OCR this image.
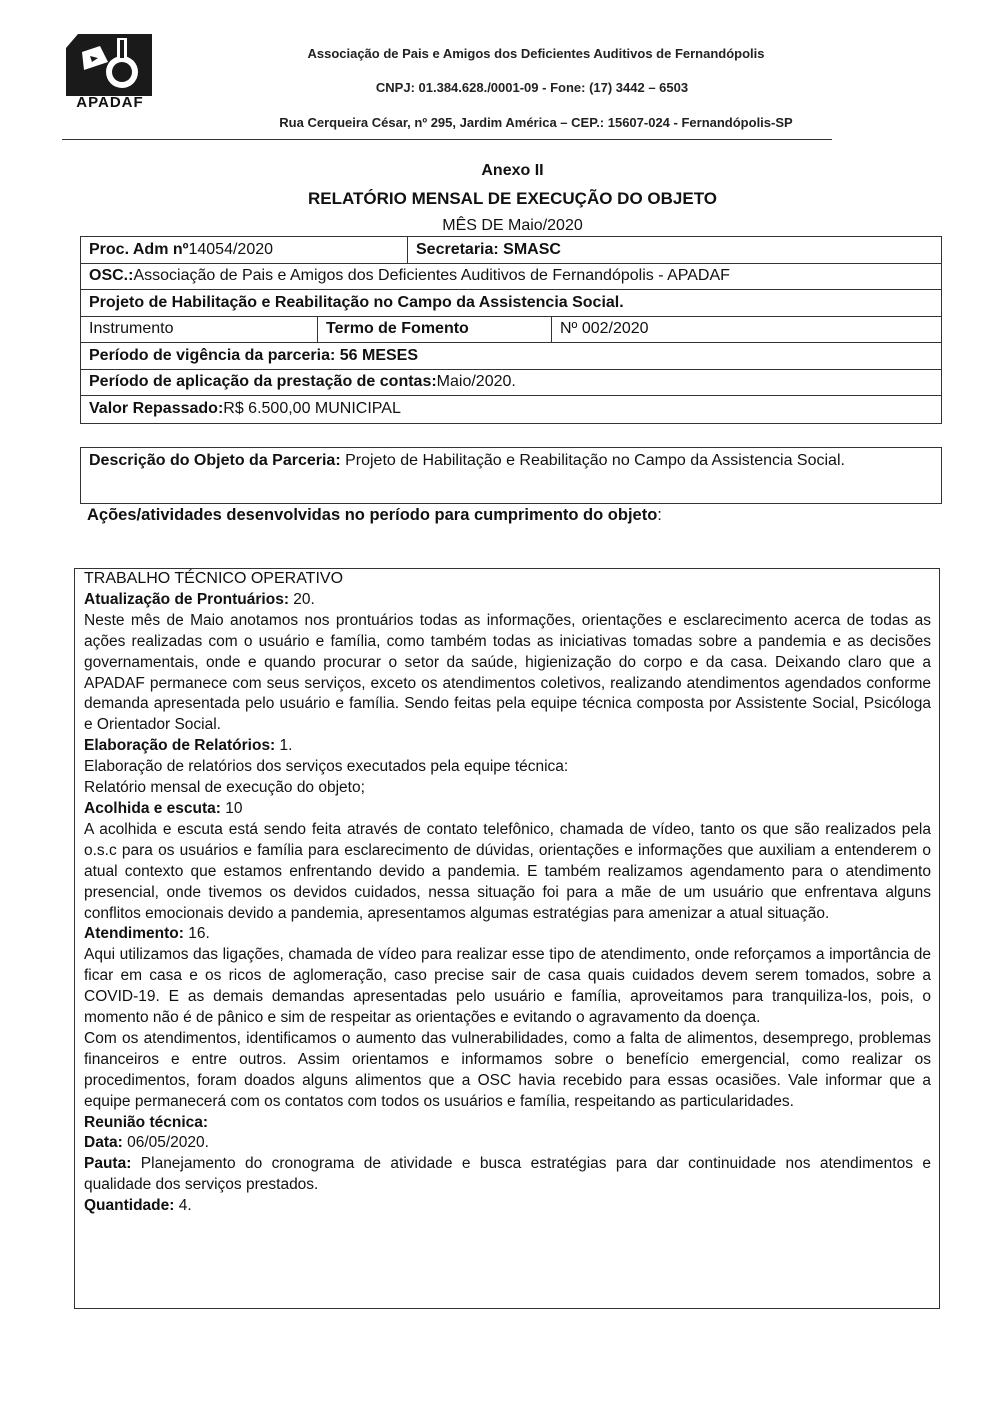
APADAF
Associação de Pais e Amigos dos Deficientes Auditivos de Fernandópolis
CNPJ: 01.384.628./0001-09 - Fone: (17) 3442 – 6503
Rua Cerqueira César, nº 295, Jardim América – CEP.: 15607-024 - Fernandópolis-SP
Anexo II
RELATÓRIO MENSAL DE EXECUÇÃO DO OBJETO
MÊS DE Maio/2020
Proc. Adm nº 14054/2020	Secretaria: SMASC
OSC.: Associação de Pais e Amigos dos Deficientes Auditivos de Fernandópolis - APADAF
Projeto de Habilitação e Reabilitação no Campo da Assistencia Social.
Instrumento	Termo de Fomento	Nº 002/2020
Período de vigência da parceria: 56 MESES
Período de aplicação da prestação de contas: Maio/2020.
Valor Repassado: R$ 6.500,00 MUNICIPAL
Descrição do Objeto da Parceria: Projeto de Habilitação e Reabilitação no Campo da Assistencia Social.
Ações/atividades desenvolvidas no período para cumprimento do objeto:

TRABALHO TÉCNICO OPERATIVO

Atualização de Prontuários: 20.

Neste mês de Maio anotamos nos prontuários todas as informações, orientações e esclarecimento acerca de todas as ações realizadas com o usuário e família, como também todas as iniciativas tomadas sobre a pandemia e as decisões governamentais, onde e quando procurar o setor da saúde, higienização do corpo e da casa. Deixando claro que a APADAF permanece com seus serviços, exceto os atendimentos coletivos, realizando atendimentos agendados conforme demanda apresentada pelo usuário e família. Sendo feitas pela equipe técnica composta por Assistente Social, Psicóloga e Orientador Social.

Elaboração de Relatórios: 1.

Elaboração de relatórios dos serviços executados pela equipe técnica:

Relatório mensal de execução do objeto;

Acolhida e escuta: 10

A acolhida e escuta está sendo feita através de contato telefônico, chamada de vídeo, tanto os que são realizados pela o.s.c para os usuários e família para esclarecimento de dúvidas, orientações e informações que auxiliam a entenderem o atual contexto que estamos enfrentando devido a pandemia. E também realizamos agendamento para o atendimento presencial, onde tivemos os devidos cuidados, nessa situação foi para a mãe de um usuário que enfrentava alguns conflitos emocionais devido a pandemia, apresentamos algumas estratégias para amenizar a atual situação.

Atendimento: 16.

Aqui utilizamos das ligações, chamada de vídeo para realizar esse tipo de atendimento, onde reforçamos a importância de ficar em casa e os ricos de aglomeração, caso precise sair de casa quais cuidados devem serem tomados, sobre a COVID-19. E as demais demandas apresentadas pelo usuário e família, aproveitamos para tranquiliza-los, pois, o momento não é de pânico e sim de respeitar as orientações e evitando o agravamento da doença.

Com os atendimentos, identificamos o aumento das vulnerabilidades, como a falta de alimentos, desemprego, problemas financeiros e entre outros. Assim orientamos e informamos sobre o benefício emergencial, como realizar os procedimentos, foram doados alguns alimentos que a OSC havia recebido para essas ocasiões. Vale informar que a equipe permanecerá com os contatos com todos os usuários e família, respeitando as particularidades.

Reunião técnica:

Data: 06/05/2020.

Pauta: Planejamento do cronograma de atividade e busca estratégias para dar continuidade nos atendimentos e qualidade dos serviços prestados.

Quantidade: 4.
